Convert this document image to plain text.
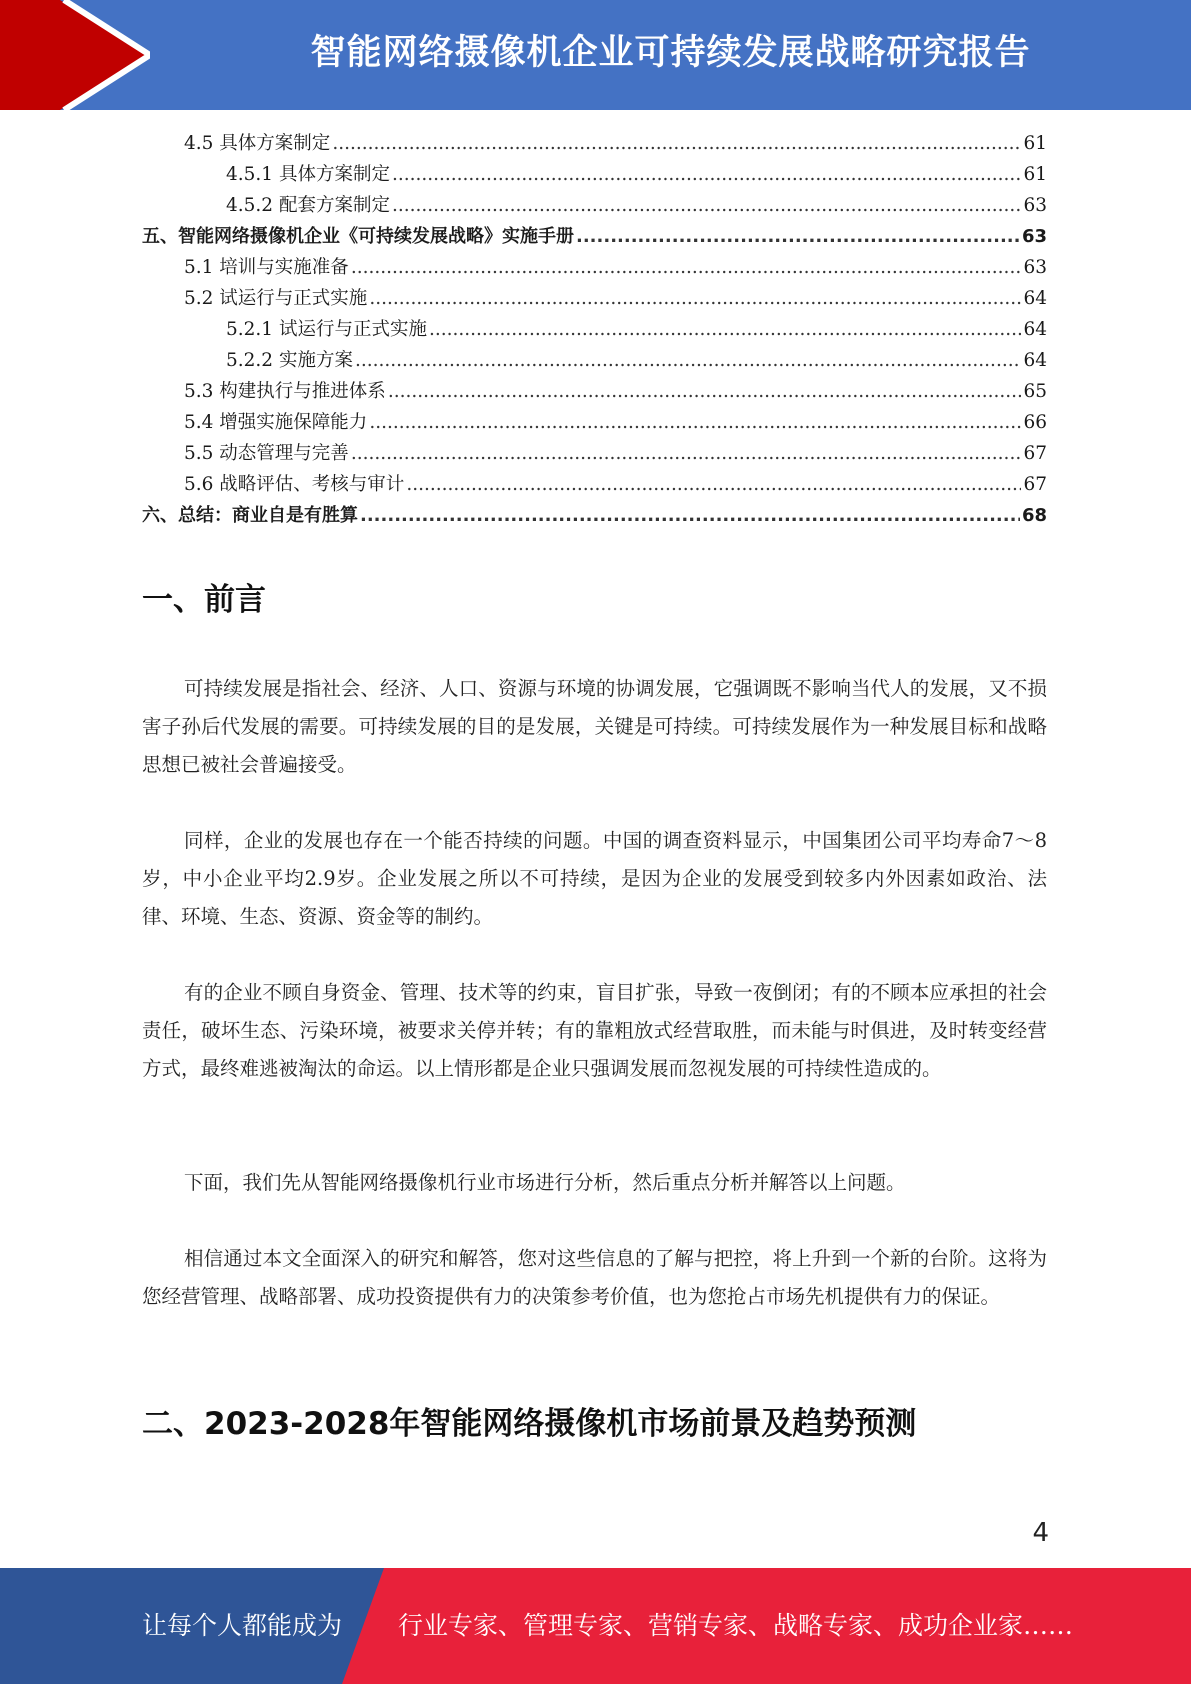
智能网络摄像机企业可持续发展战略研究报告
4.5 具体方案制定 .....	61
4.5.1 具体方案制定 .....	61
4.5.2 配套方案制定 .....	63
五、智能网络摄像机企业《可持续发展战略》实施手册 .....	63
5.1 培训与实施准备 .....	63
5.2 试运行与正式实施 .....	64
5.2.1 试运行与正式实施 .....	64
5.2.2 实施方案 .....	64
5.3 构建执行与推进体系 .....	65
5.4 增强实施保障能力 .....	66
5.5 动态管理与完善 .....	67
5.6 战略评估、考核与审计 .....	67
六、总结：商业自是有胜算 .....	68
一、前言

可持续发展是指社会、经济、人口、资源与环境的协调发展，它强调既不影响当代人的发展，又不损害子孙后代发展的需要。可持续发展的目的是发展，关键是可持续。可持续发展作为一种发展目标和战略思想已被社会普遍接受。

同样，企业的发展也存在一个能否持续的问题。中国的调查资料显示，中国集团公司平均寿命7～8岁，中小企业平均2.9岁。企业发展之所以不可持续，是因为企业的发展受到较多内外因素如政治、法律、环境、生态、资源、资金等的制约。

有的企业不顾自身资金、管理、技术等的约束，盲目扩张，导致一夜倒闭；有的不顾本应承担的社会责任，破坏生态、污染环境，被要求关停并转；有的靠粗放式经营取胜，而未能与时俱进，及时转变经营方式，最终难逃被淘汰的命运。以上情形都是企业只强调发展而忽视发展的可持续性造成的。

下面，我们先从智能网络摄像机行业市场进行分析，然后重点分析并解答以上问题。

相信通过本文全面深入的研究和解答，您对这些信息的了解与把控，将上升到一个新的台阶。这将为您经营管理、战略部署、成功投资提供有力的决策参考价值，也为您抢占市场先机提供有力的保证。

二、2023-2028年智能网络摄像机市场前景及趋势预测
4
让每个人都能成为 行业专家、管理专家、营销专家、战略专家、成功企业家……
